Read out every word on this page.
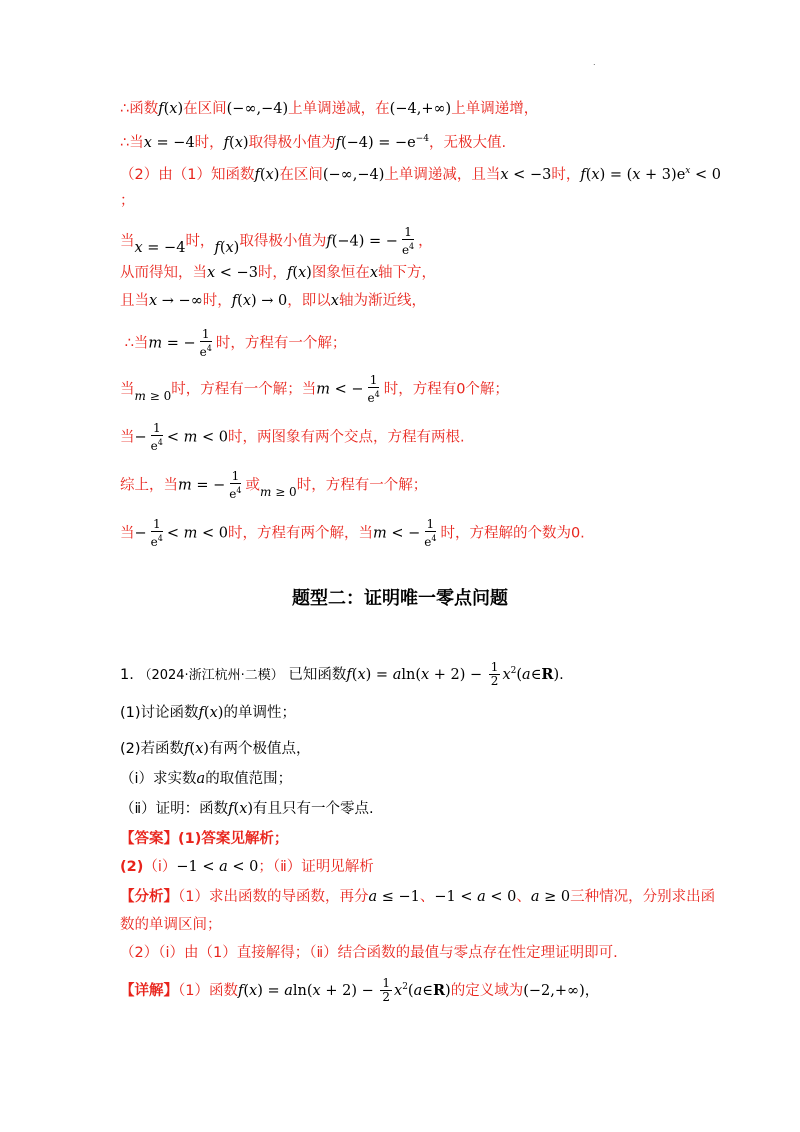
.
∴函数f(x)在区间(−∞,−4)上单调递减，在(−4,+∞)上单调递增，
∴当x = −4时，f(x)取得极小值为$f(-4) = -e^{-4}$，无极大值.
（2）由（1）知函数f(x)在区间(−∞,−4)上单调递减，且当x < −3时，$f(x) = (x + 3)e^x < 0$
；
当x = −4时，f(x)取得极小值为f(−4) = − $\frac{1}{e^4}$ ，
从而得知，当x < −3时，f(x)图象恒在x轴下方，
且当x → −∞时，f(x) → 0，即以x轴为渐近线，
∴当m = − $\frac{1}{e^4}$ 时，方程有一个解；
当$_m$ $_{\ge 0}$时，方程有一个解；当m < − $\frac{1}{e^4}$ 时，方程有0个解；
当− $\frac{1}{e^4} < m < 0$时，两图象有两个交点，方程有两根.
综上，当m = − $\frac{1}{e^4}$ 或$_m$ $_{\ge 0}$时，方程有一个解；
当− $\frac{1}{e^4} < m < 0$时，方程有两个解，当m < − $\frac{1}{e^4}$ 时，方程解的个数为0.
题型二：证明唯一零点问题
1. （2024·浙江杭州·二模） 已知函数$f(x) = aln(x + 2) - \frac{1}{2}$ $x^2(a\in R)$.
(1)讨论函数f(x)的单调性；
(2)若函数f(x)有两个极值点，
（ⅰ）求实数a的取值范围；
（ⅱ）证明：函数f(x)有且只有一个零点.
【答案】(1)答案见解析；
(2)（ⅰ）−1 < a < 0；（ⅱ）证明见解析
【分析】（1）求出函数的导函数，再分a ≤ −1、−1 < a < 0、a ≥ 0三种情况，分别求出函
数的单调区间；
（2）（ⅰ）由（1）直接解得；（ⅱ）结合函数的最值与零点存在性定理证明即可.
【详解】（1）函数$f(x) = aln(x + 2) - \frac{1}{2}$ $x^2(a\in R)$的定义域为(−2,+∞)，
